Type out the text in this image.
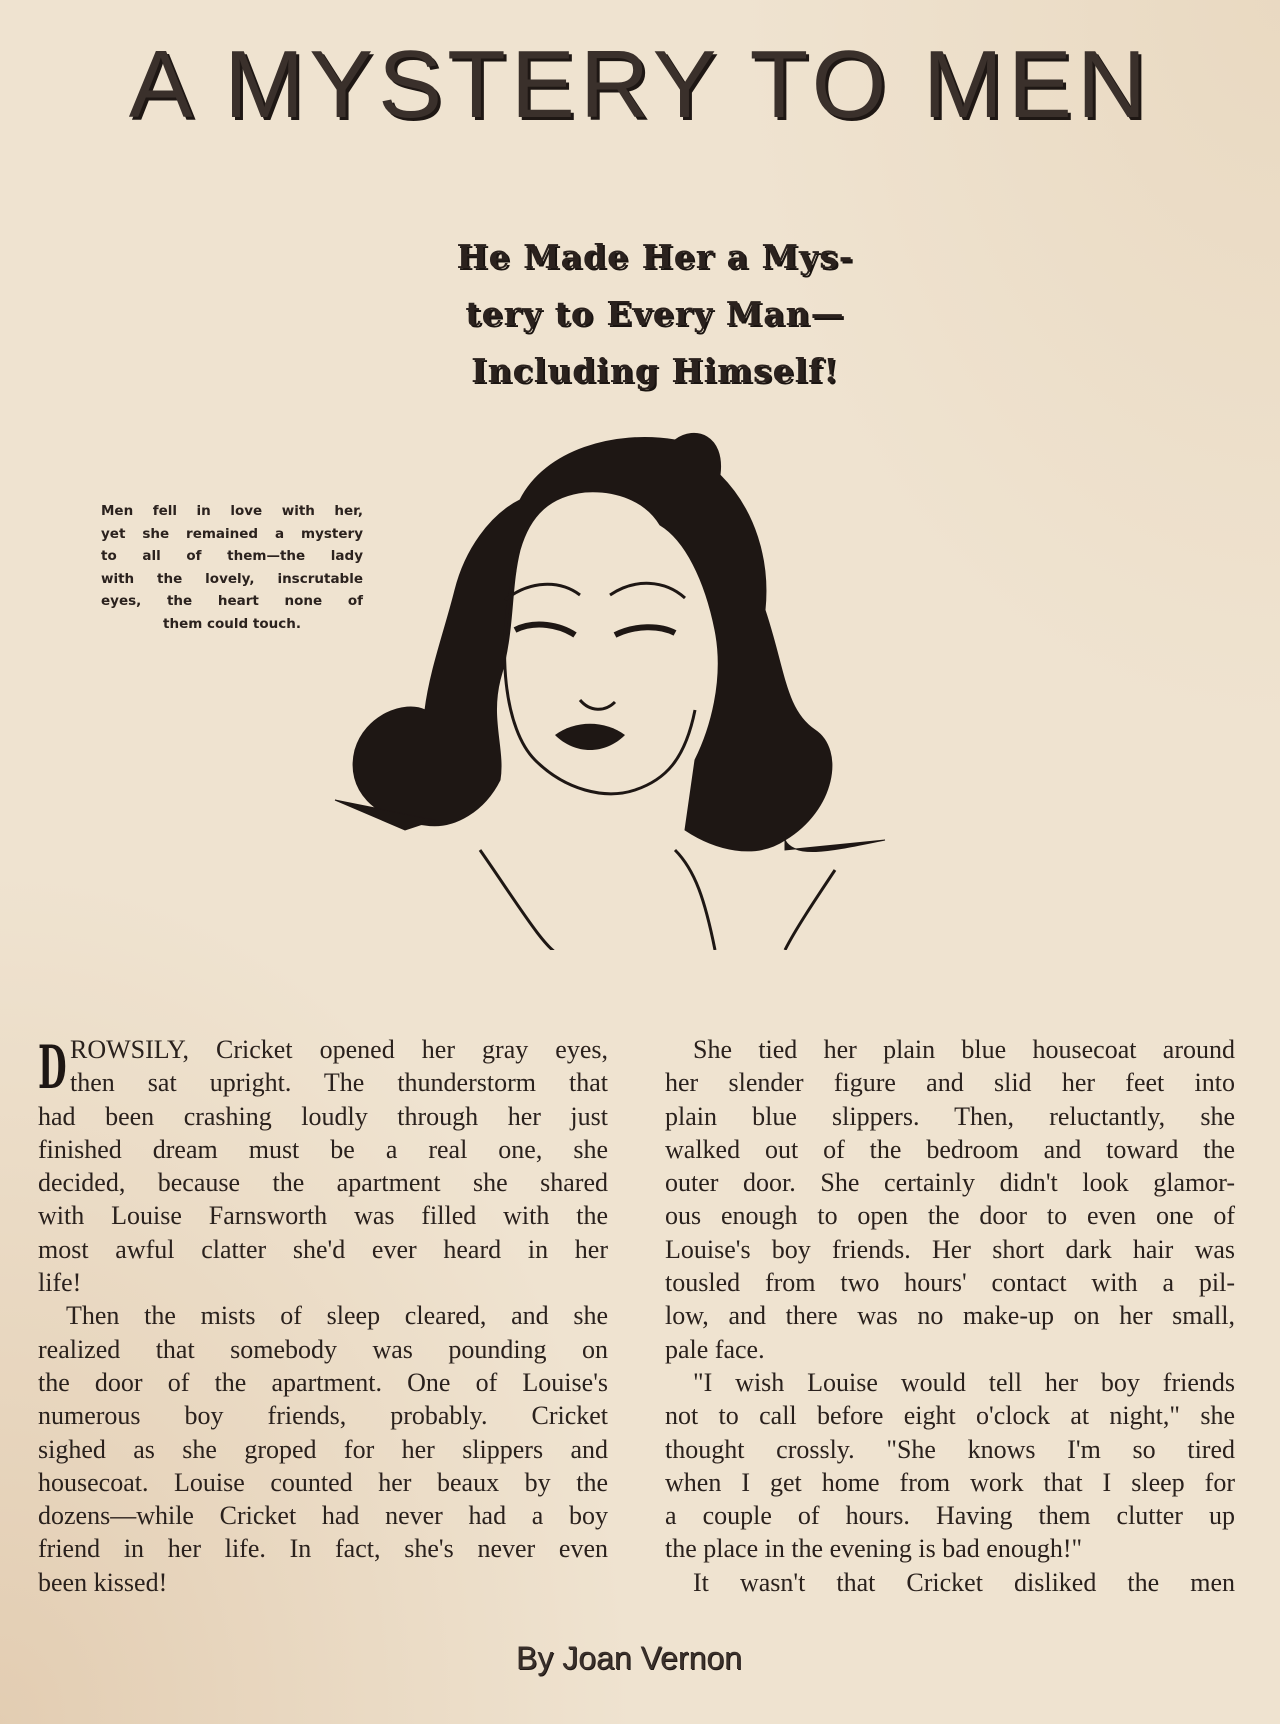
A MYSTERY TO MEN
He Made Her a Mys-
tery to Every Man—
Including Himself!
Men fell in love with her,
yet she remained a mystery
to all of them—the lady
with the lovely, inscrutable
eyes, the heart none of
them could touch.
D ROWSILY, Cricket opened her gray eyes,
then sat upright. The thunderstorm that
had been crashing loudly through her just
finished dream must be a real one, she
decided, because the apartment she shared
with Louise Farnsworth was filled with the
most awful clatter she'd ever heard in her
life!
Then the mists of sleep cleared, and she
realized that somebody was pounding on
the door of the apartment. One of Louise's
numerous boy friends, probably. Cricket
sighed as she groped for her slippers and
housecoat. Louise counted her beaux by the
dozens—while Cricket had never had a boy
friend in her life. In fact, she's never even
been kissed!
She tied her plain blue housecoat around
her slender figure and slid her feet into
plain blue slippers. Then, reluctantly, she
walked out of the bedroom and toward the
outer door. She certainly didn't look glamor-
ous enough to open the door to even one of
Louise's boy friends. Her short dark hair was
tousled from two hours' contact with a pil-
low, and there was no make-up on her small,
pale face.
"I wish Louise would tell her boy friends
not to call before eight o'clock at night," she
thought crossly. "She knows I'm so tired
when I get home from work that I sleep for
a couple of hours. Having them clutter up
the place in the evening is bad enough!"
It wasn't that Cricket disliked the men
By Joan Vernon
